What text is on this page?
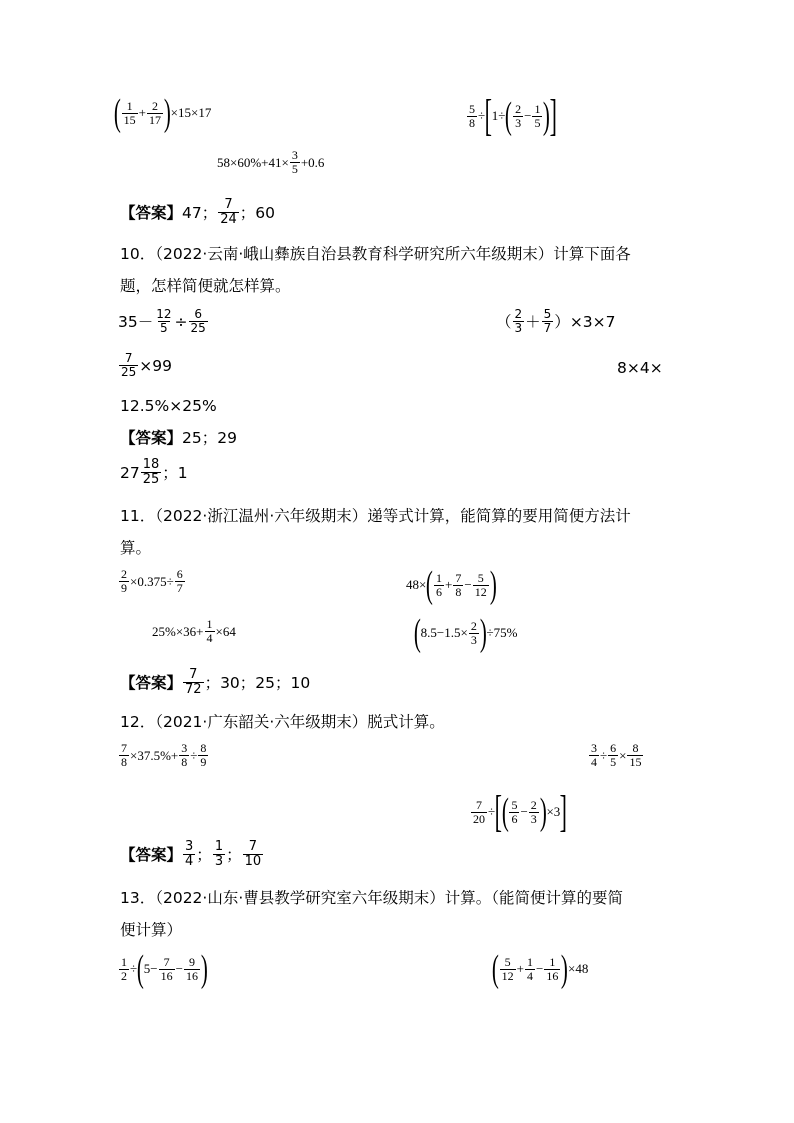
( 1
$15 + \frac{2}{17}$ ) ×15×17	$\frac{5}{8}$ ÷ [ 1÷ ( 2
$3 - \frac{1}{5}$ ) ]
$58\times 60\%+41\times \frac{3}{5} +0.6$
【答案】 47； 7
24 ；60
10．（2022·云南·峨山彝族自治县教育科学研究所六年级期末）计算下面各
题，怎样简便就怎样算。
$35- \frac{12}{5} \div \frac{6}{25}$	（ 2
3 ＋ 5
7 ）×3×7
$\frac{7}{25} \times 99$	8×4×
12.5%×25%
【答案】25；29
27 18
25 ；1
11．（2022·浙江温州·六年级期末）递等式计算，能简算的要用简便方法计
算。
$\frac{2}{9} \times 0.375\div \frac{6}{7}$	48× ( 1
$6 + \frac{7}{8} - \frac{5}{12}$ )
$25\%\times 36+ \frac{1}{4} \times 64$	( $8.5-1.5\times \frac{2}{3}$ ) ÷75%
【答案】 7
72 ；30；25；10
12．（2021·广东韶关·六年级期末）脱式计算。
$\frac{7}{8} \times 37.5\%+ \frac{3}{8} \div \frac{8}{9}$	$\frac{3}{4} \div \frac{6}{5} \times \frac{8}{15}$
$\frac{7}{20}$ ÷ [ ( 5
$6 - \frac{2}{3}$ ) ×3 ]
【答案】 3
4 ； 1
3 ； 7
10
13．（2022·山东·曹县教学研究室六年级期末）计算。（能简便计算的要简
便计算）
$\frac{1}{2}$ ÷ ( $5- \frac{7}{16} - \frac{9}{16}$ )	( 5
$12 + \frac{1}{4} - \frac{1}{16}$ ) ×48
